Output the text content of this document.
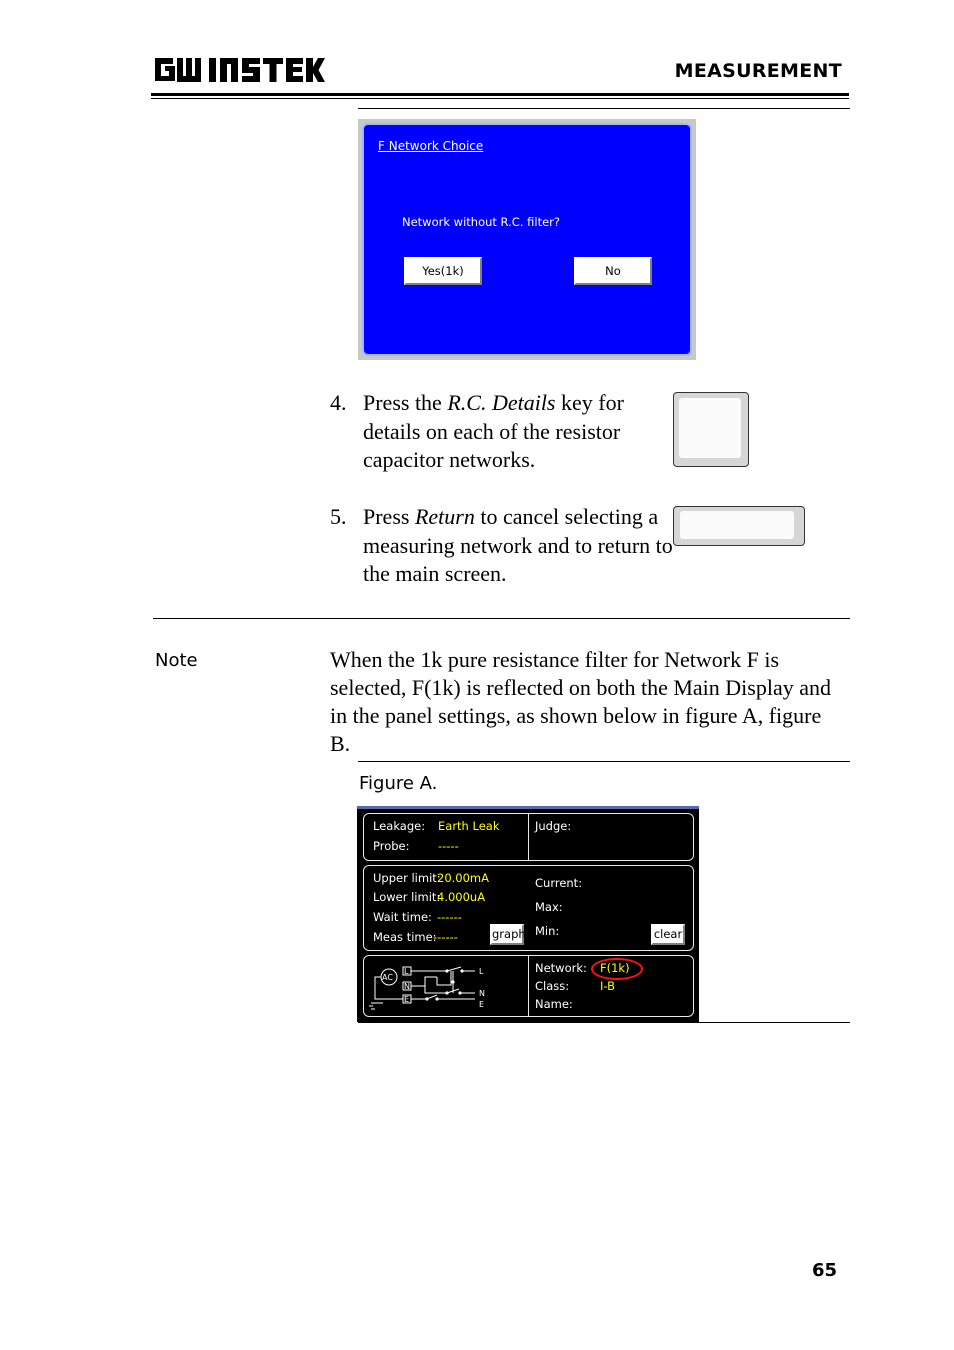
MEASUREMENT
F Network Choice
Network without R.C. filter?
Yes(1k)	No
4. Press the R.C. Details key for details on each of the resistor capacitor networks.
5. Press Return to cancel selecting a measuring network and to return to the main screen.
Note	When the 1k pure resistance filter for Network F is selected, F(1k) is reflected on both the Main Display and in the panel settings, as shown below in figure A, figure B.
Figure A.
Leakage: Earth Leak
Probe: -----
Judge:
Upper limit:
20.00mA
Lower limit:
4.000uA
Wait time: ------
Meas time:
------	graph
Current:
Max:
Min:	clear
AC
L
N
E
L
N
E
Network: F(1k)
Class:	I-B
Name:
65
